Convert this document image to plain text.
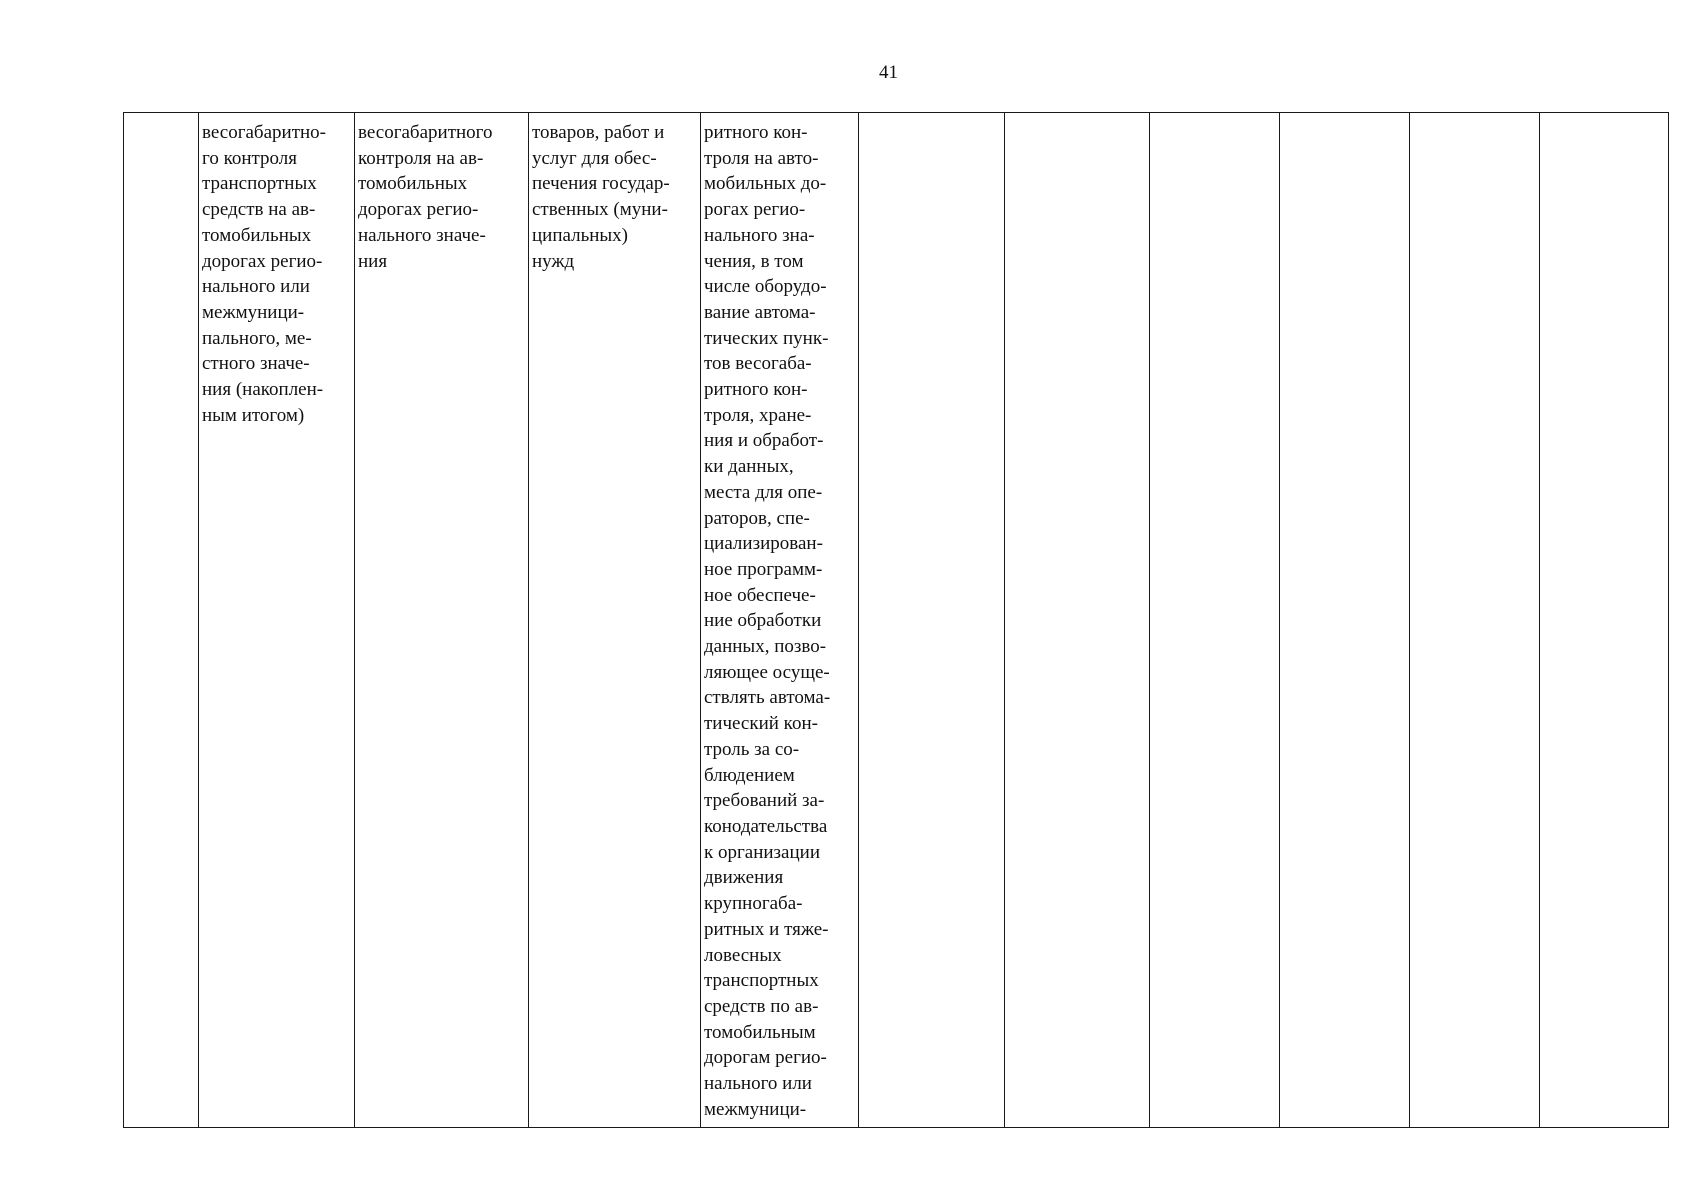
41
	весогабаритно-
го контроля
транспортных
средств на ав-
томобильных
дорогах регио-
нального или
межмуници-
пального, ме-
стного значе-
ния (накоплен-
ным итогом)	весогабаритного
контроля на ав-
томобильных
дорогах регио-
нального значе-
ния	товаров, работ и
услуг для обес-
печения государ-
ственных (муни-
ципальных)
нужд	ритного кон-
троля на авто-
мобильных до-
рогах регио-
нального зна-
чения, в том
числе оборудо-
вание автома-
тических пунк-
тов весогаба-
ритного кон-
троля, хране-
ния и обработ-
ки данных,
места для опе-
раторов, спе-
циализирован-
ное программ-
ное обеспече-
ние обработки
данных, позво-
ляющее осуще-
ствлять автома-
тический кон-
троль за со-
блюдением
требований за-
конодательства
к организации
движения
крупногаба-
ритных и тяже-
ловесных
транспортных
средств по ав-
томобильным
дорогам регио-
нального или
межмуници-						
